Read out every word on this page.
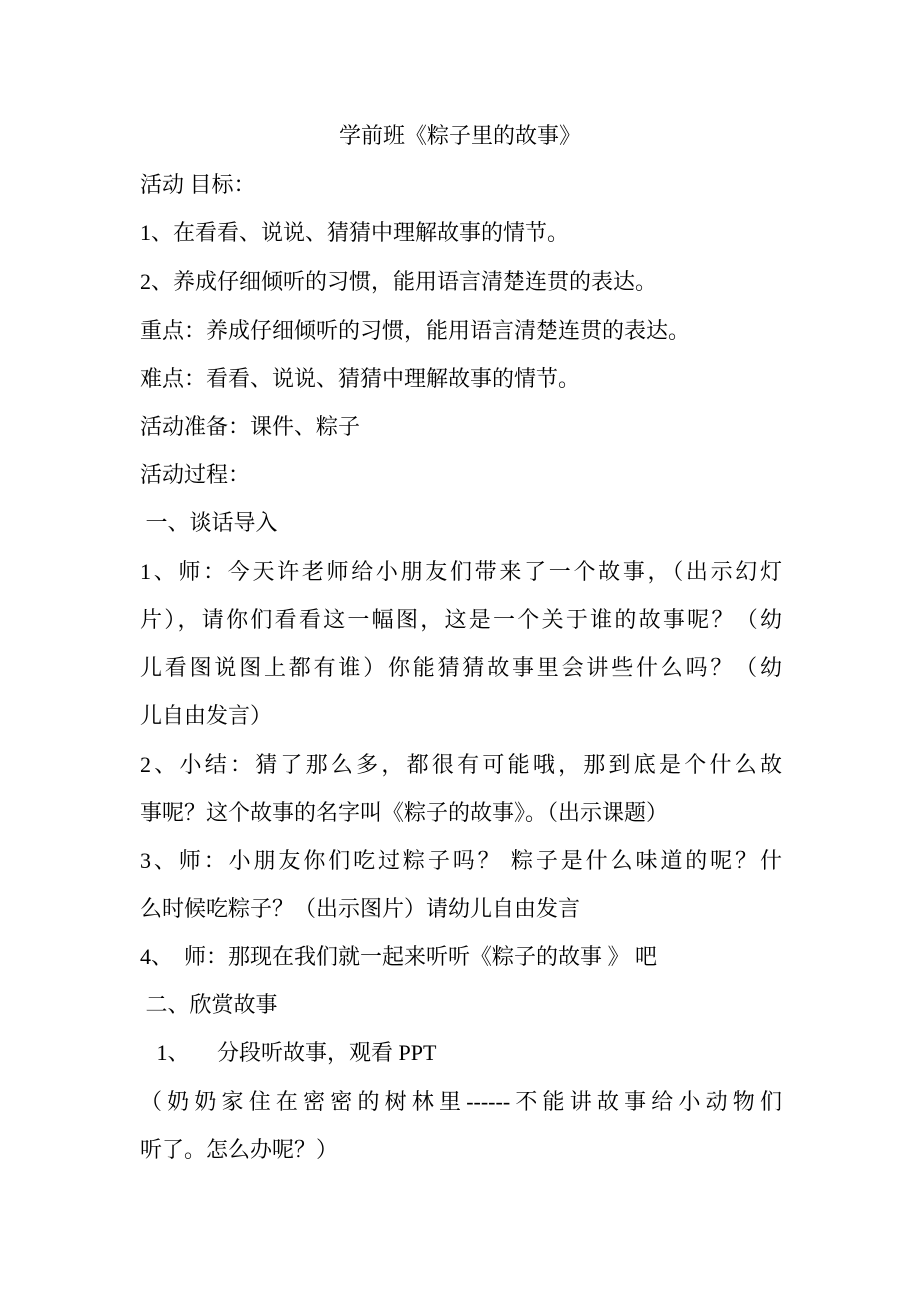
学前班《粽子里的故事》
活动 目标：
1、在看看、说说、猜猜中理解故事的情节。
2、养成仔细倾听的习惯，能用语言清楚连贯的表达。
重点：养成仔细倾听的习惯，能用语言清楚连贯的表达。
难点：看看、说说、猜猜中理解故事的情节。
活动准备：课件、粽子
活动过程：
一、谈话导入
1、师：今天许老师给小朋友们带来了一个故事，（出示幻灯
片），请你们看看这一幅图，这是一个关于谁的故事呢？（幼
儿看图说图上都有谁）你能猜猜故事里会讲些什么吗？（幼
儿自由发言）
2、小结：猜了那么多，都很有可能哦，那到底是个什么故
事呢？这个故事的名字叫《粽子的故事》。（出示课题）
3、师：小朋友你们吃过粽子吗？ 粽子是什么味道的呢？什
么时候吃粽子？（出示图片）请幼儿自由发言
4、  师：那现在我们就一起来听听《粽子的故事 》 吧
二、欣赏故事
1、     分段听故事，观看 PPT
（奶奶家住在密密的树林里------不能讲故事给小动物们
听了。怎么办呢？）
